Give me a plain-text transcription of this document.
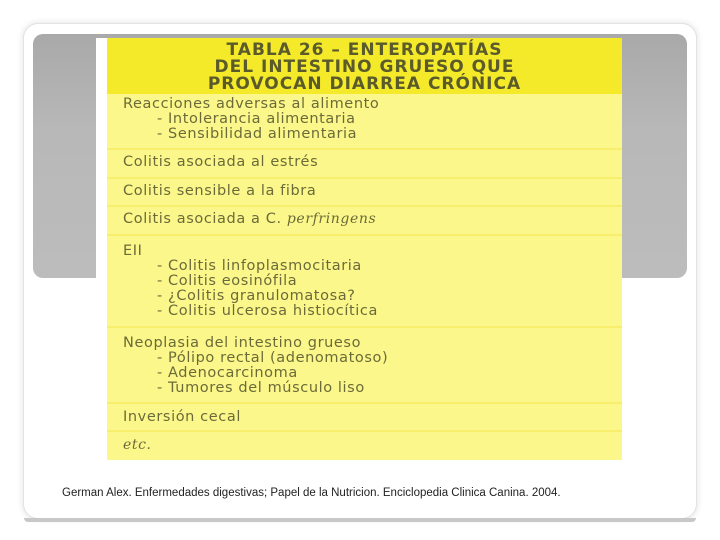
TABLA 26 – ENTEROPATÍAS
DEL INTESTINO GRUESO QUE
PROVOCAN DIARREA CRÓNICA
Reacciones adversas al alimento
- Intolerancia alimentaria
- Sensibilidad alimentaria
Colitis asociada al estrés
Colitis sensible a la fibra
Colitis asociada a C. perfringens
EII
- Colitis linfoplasmocitaria
- Colitis eosinófila
- ¿Colitis granulomatosa?
- Colitis ulcerosa histiocítica
Neoplasia del intestino grueso
- Pólipo rectal (adenomatoso)
- Adenocarcinoma
- Tumores del músculo liso
Inversión cecal
etc.
German Alex. Enfermedades digestivas; Papel de la Nutricion. Enciclopedia Clinica Canina. 2004.
